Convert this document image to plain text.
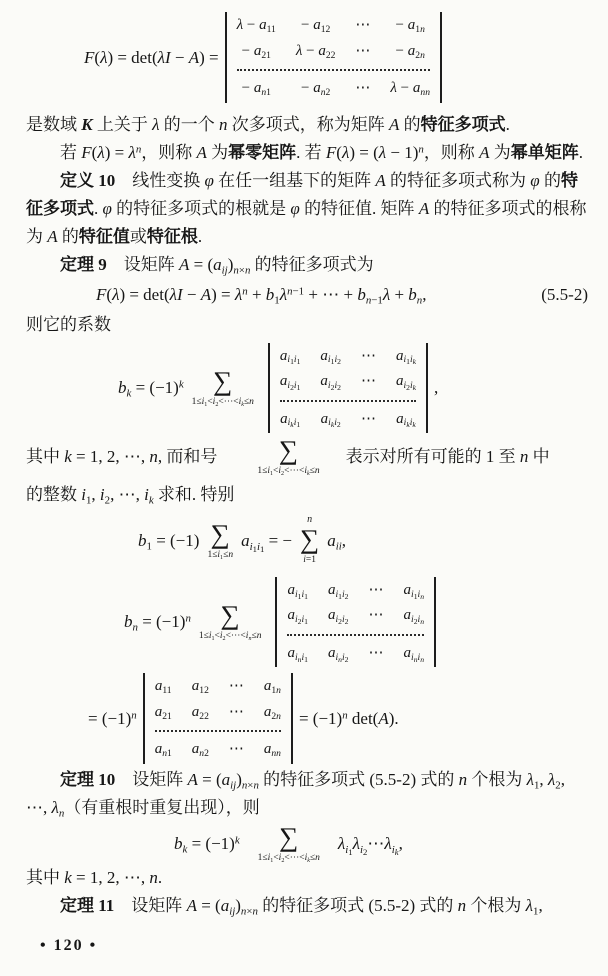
F(λ) = det(λI − A) =
$\lambda - a_{11} - a_{12}$ ⋯ − $a_{1n}$
− $a_{21}$ $\lambda - a_{22}$ ⋯ − $a_{2n}$
− $a_{n1} - a_{n2}$ ⋯ $\lambda - a_{nn}$

是数域 K 上关于 λ 的一个 n 次多项式，称为矩阵 A 的特征多项式.

若 $F(\lambda) = \lambda^n$，则称 A 为幂零矩阵. 若 $F(\lambda) = (\lambda - 1)^n$，则称 A 为幂单矩阵.

定义 10　线性变换 φ 在任一组基下的矩阵 A 的特征多项式称为 φ 的特征多项式. φ 的特征多项式的根就是 φ 的特征值. 矩阵 A 的特征多项式的根称为 A 的特征值或特征根.

定理 9　设矩阵 $A = (a_{ij})_{n\times n}$ 的特征多项式为

$F(\lambda) = \det(\lambda I - A) = \lambda^n + b_1\lambda^{n-1}$ + ⋯ + $b_{n-1}\lambda + b_n$,	(5.5-2)

则它的系数

$b_k = (-1)^k$ ∑
$1\le i_1<i_2<\cdots<i_k\le n$
$a_{i_1i_1}$ $a_{i_1i_2}$ ⋯ $a_{i_1i_k}$
$a_{i_2i_1}$ $a_{i_2i_2}$ ⋯ $a_{i_2i_k}$
$a_{i_ki_1}$ $a_{i_ki_2}$ ⋯ $a_{i_ki_k}$
,
其中 k = 1, 2, ⋯, n, 而和号 ∑
$1\le i_1<i_2<\cdots<i_k\le n$
表示对所有可能的 1 至 n 中

的整数 $i_1$, $i_2$, ⋯, $i_k$ 求和. 特别

$b_1 = (-1)$ ∑
$1\le i_1\le n$
$a_{i_1i_1}$ = −
n
∑
i=1
$a_{ii}$,
$b_n = (-1)^n$ ∑
$1\le i_1<i_2<\cdots<i_n\le n$
$a_{i_1i_1}$ $a_{i_1i_2}$ ⋯ $a_{i_1i_n}$
$a_{i_2i_1}$ $a_{i_2i_2}$ ⋯ $a_{i_2i_n}$
$a_{i_ni_1}$ $a_{i_ni_2}$ ⋯ $a_{i_ni_n}$
= $(-1)^n$
$a_{11}$ $a_{12}$ ⋯ $a_{1n}$
$a_{21}$ $a_{22}$ ⋯ $a_{2n}$
$a_{n1}$ $a_{n2}$ ⋯ $a_{nn}$
= $(-1)^n$ det(A).

定理 10　设矩阵 $A = (a_{ij})_{n\times n}$ 的特征多项式 (5.5-2) 式的 n 个根为 $\lambda_1$, $\lambda_2$, ⋯, $\lambda_n$（有重根时重复出现），则

$b_k = (-1)^k$ ∑
$1\le i_1<i_2<\cdots<i_k\le n$
$\lambda_{i_1}\lambda_{i_2}\cdots\lambda_{i_k}$,

其中 k = 1, 2, ⋯, n.

定理 11　设矩阵 $A = (a_{ij})_{n\times n}$ 的特征多项式 (5.5-2) 式的 n 个根为 $\lambda_1$,

• 120 •
